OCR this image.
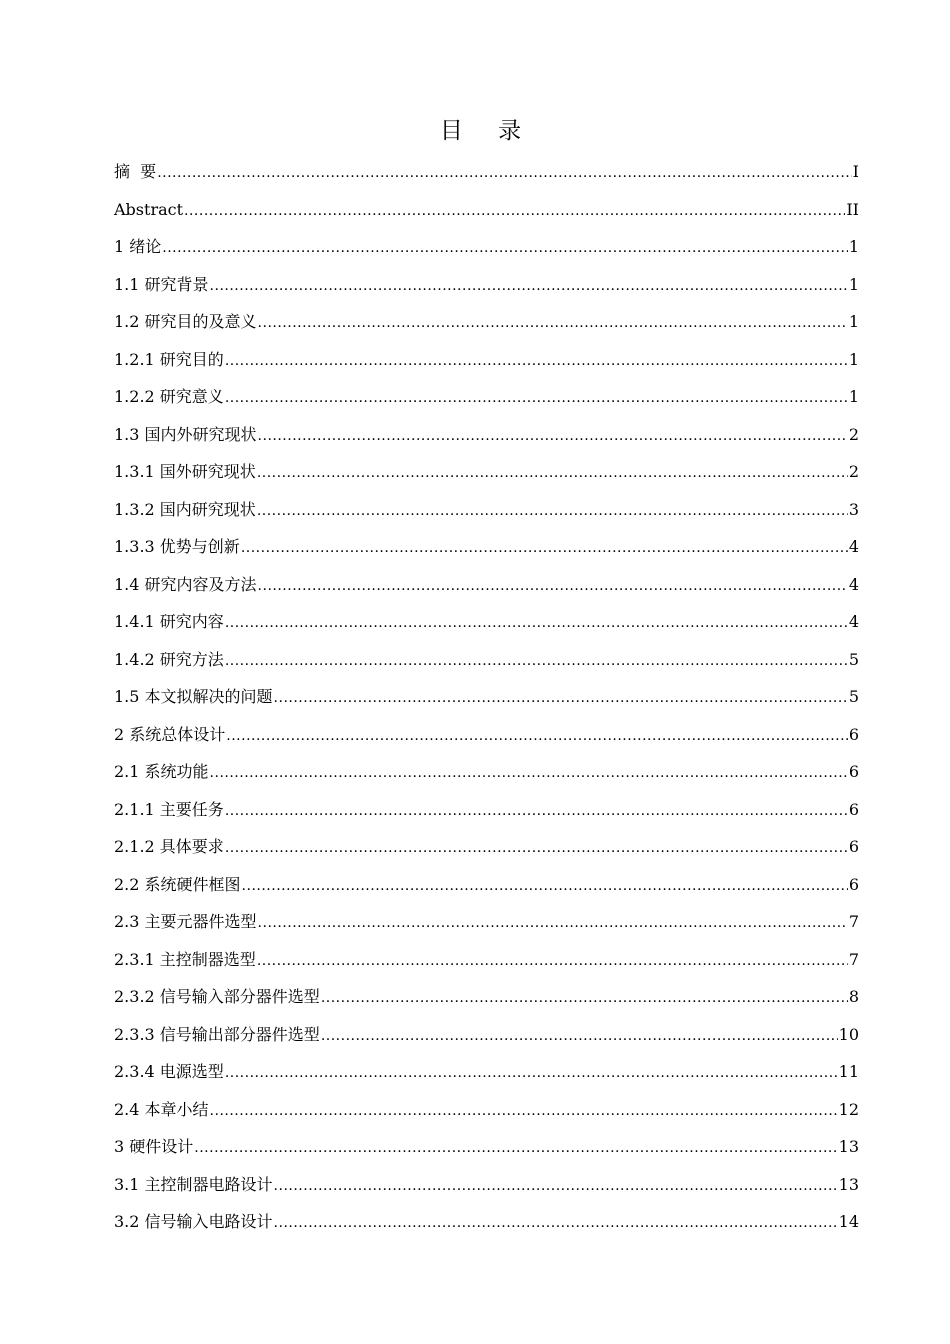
目 录
摘  要 .....	I
Abstract .....	II
1 绪论 .....	1
1.1 研究背景 .....	1
1.2 研究目的及意义 .....	1
1.2.1 研究目的 .....	1
1.2.2 研究意义 .....	1
1.3 国内外研究现状 .....	2
1.3.1 国外研究现状 .....	2
1.3.2 国内研究现状 .....	3
1.3.3 优势与创新 .....	4
1.4 研究内容及方法 .....	4
1.4.1 研究内容 .....	4
1.4.2 研究方法 .....	5
1.5 本文拟解决的问题 .....	5
2 系统总体设计 .....	6
2.1 系统功能 .....	6
2.1.1 主要任务 .....	6
2.1.2 具体要求 .....	6
2.2 系统硬件框图 .....	6
2.3 主要元器件选型 .....	7
2.3.1 主控制器选型 .....	7
2.3.2 信号输入部分器件选型 .....	8
2.3.3 信号输出部分器件选型 .....	10
2.3.4 电源选型 .....	11
2.4 本章小结 .....	12
3 硬件设计 .....	13
3.1 主控制器电路设计 .....	13
3.2 信号输入电路设计 .....	14
